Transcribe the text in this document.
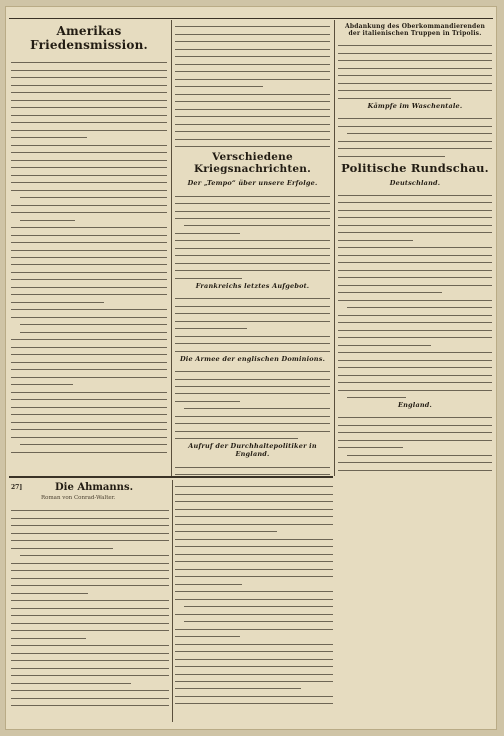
Amerikas Friedensmission.
Verschiedene Kriegsnachrichten.
Der „Tempo“ über unsere Erfolge.
Frankreichs letztes Aufgebot.
Die Armee der englischen Dominions.
Aufruf der Durchhaltepolitiker in England.
Abdankung des Oberkommandierenden der italienischen Truppen in Tripolis.
Kämpfe im Waschentale.
Politische Rundschau.
Deutschland.
England.
27]	Die Ahmanns.
Roman von Conrad-Walter.
